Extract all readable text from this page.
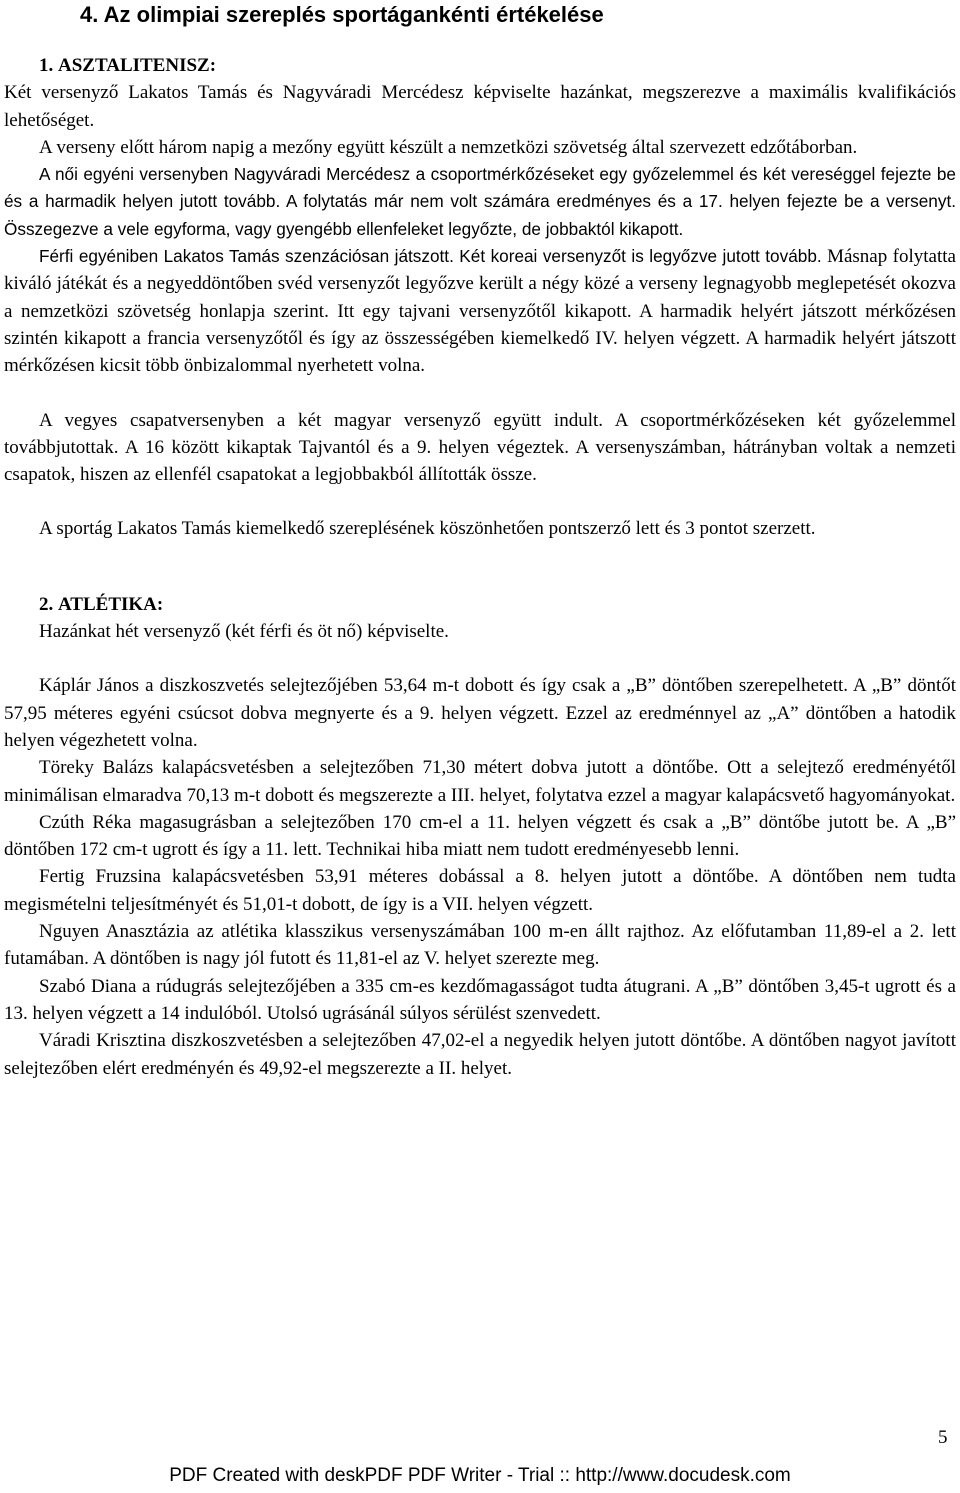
4. Az olimpiai szereplés sportágankénti értékelése

1. ASZTALITENISZ:

Két versenyző Lakatos Tamás és Nagyváradi Mercédesz képviselte hazánkat, megszerezve a maximális kvalifikációs lehetőséget.

A verseny előtt három napig a mezőny együtt készült a nemzetközi szövetség által szervezett edzőtáborban.

A női egyéni versenyben Nagyváradi Mercédesz a csoportmérkőzéseket egy győzelemmel és két vereséggel fejezte be és a harmadik helyen jutott tovább. A folytatás már nem volt számára eredményes és a 17. helyen fejezte be a versenyt. Összegezve a vele egyforma, vagy gyengébb ellenfeleket legyőzte, de jobbaktól kikapott.

Férfi egyéniben Lakatos Tamás szenzációsan játszott. Két koreai versenyzőt is legyőzve jutott tovább. Másnap folytatta kiváló játékát és a negyeddöntőben svéd versenyzőt legyőzve került a négy közé a verseny legnagyobb meglepetését okozva a nemzetközi szövetség honlapja szerint. Itt egy tajvani versenyzőtől kikapott. A harmadik helyért játszott mérkőzésen szintén kikapott a francia versenyzőtől és így az összességében kiemelkedő IV. helyen végzett. A harmadik helyért játszott mérkőzésen kicsit több önbizalommal nyerhetett volna.

A vegyes csapatversenyben a két magyar versenyző együtt indult. A csoportmérkőzéseken két győzelemmel továbbjutottak. A 16 között kikaptak Tajvantól és a 9. helyen végeztek. A versenyszámban, hátrányban voltak a nemzeti csapatok, hiszen az ellenfél csapatokat a legjobbakból állították össze.

A sportág Lakatos Tamás kiemelkedő szereplésének köszönhetően pontszerző lett és 3 pontot szerzett.

2. ATLÉTIKA:

Hazánkat hét versenyző (két férfi és öt nő) képviselte.

Káplár János a diszkoszvetés selejtezőjében 53,64 m-t dobott és így csak a „B” döntőben szerepelhetett. A „B” döntőt 57,95 méteres egyéni csúcsot dobva megnyerte és a 9. helyen végzett. Ezzel az eredménnyel az „A” döntőben a hatodik helyen végezhetett volna.

Töreky Balázs kalapácsvetésben a selejtezőben 71,30 métert dobva jutott a döntőbe. Ott a selejtező eredményétől minimálisan elmaradva 70,13 m-t dobott és megszerezte a III. helyet, folytatva ezzel a magyar kalapácsvető hagyományokat.

Czúth Réka magasugrásban a selejtezőben 170 cm-el a 11. helyen végzett és csak a „B” döntőbe jutott be. A „B” döntőben 172 cm-t ugrott és így a 11. lett. Technikai hiba miatt nem tudott eredményesebb lenni.

Fertig Fruzsina kalapácsvetésben 53,91 méteres dobással a 8. helyen jutott a döntőbe. A döntőben nem tudta megismételni teljesítményét és 51,01-t dobott, de így is a VII. helyen végzett.

Nguyen Anasztázia az atlétika klasszikus versenyszámában 100 m-en állt rajthoz. Az előfutamban 11,89-el a 2. lett futamában. A döntőben is nagy jól futott és 11,81-el az V. helyet szerezte meg.

Szabó Diana a rúdugrás selejtezőjében a 335 cm-es kezdőmagasságot tudta átugrani. A „B” döntőben 3,45-t ugrott és a 13. helyen végzett a 14 indulóból. Utolsó ugrásánál súlyos sérülést szenvedett.

Váradi Krisztina diszkoszvetésben a selejtezőben 47,02-el a negyedik helyen jutott döntőbe. A döntőben nagyot javított selejtezőben elért eredményén és 49,92-el megszerezte a II. helyet.

5
PDF Created with deskPDF PDF Writer - Trial :: http://www.docudesk.com
